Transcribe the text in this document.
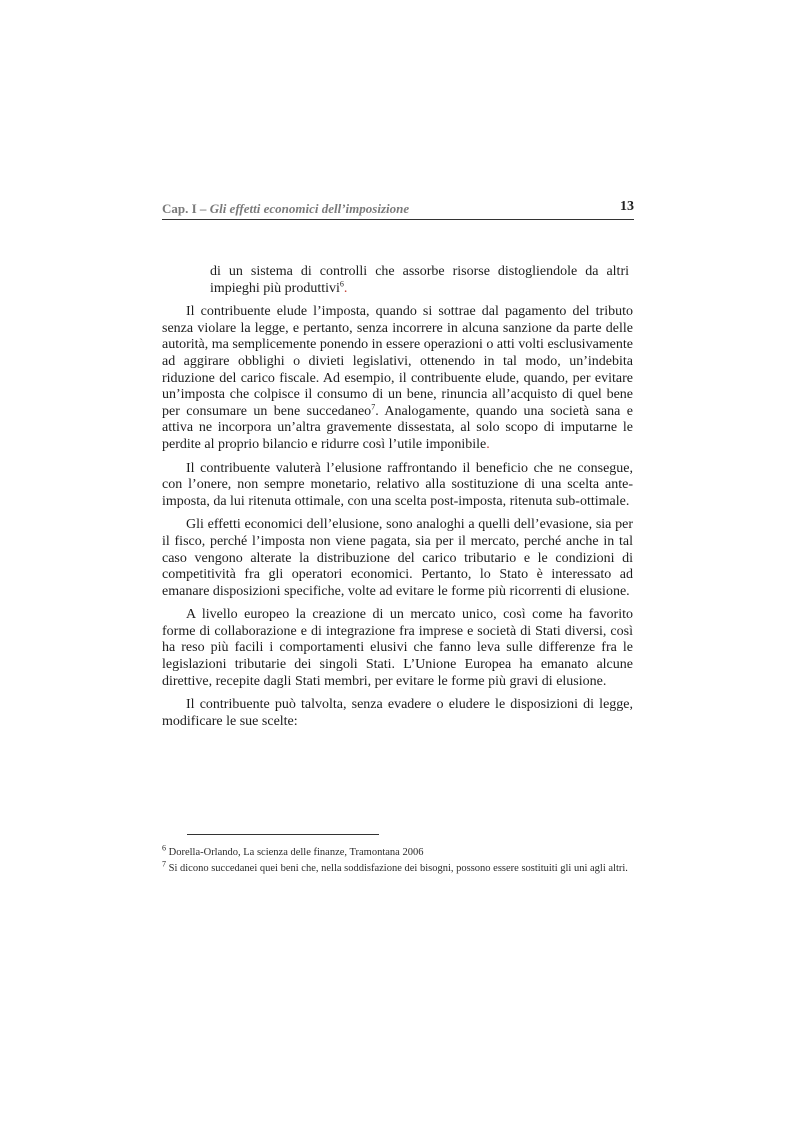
Cap. I – Gli effetti economici dell’imposizione	13

di un sistema di controlli che assorbe risorse distogliendole da altri impieghi più produttivi$^6$.

Il contribuente elude l’imposta, quando si sottrae dal pagamento del tributo senza violare la legge, e pertanto, senza incorrere in alcuna sanzione da parte delle autorità, ma semplicemente ponendo in essere operazioni o atti volti esclusivamente ad aggirare obblighi o divieti legislativi, ottenendo in tal modo, un’indebita riduzione del carico fiscale. Ad esempio, il contribuente elude, quando, per evitare un’imposta che colpisce il consumo di un bene, rinuncia all’acquisto di quel bene per consumare un bene succedaneo$^7$. Analogamente, quando una società sana e attiva ne incorpora un’altra gravemente dissestata, al solo scopo di imputarne le perdite al proprio bilancio e ridurre così l’utile imponibile.

Il contribuente valuterà l’elusione raffrontando il beneficio che ne consegue, con l’onere, non sempre monetario, relativo alla sostituzione di una scelta ante-imposta, da lui ritenuta ottimale, con una scelta post-imposta, ritenuta sub-ottimale.

Gli effetti economici dell’elusione, sono analoghi a quelli dell’evasione, sia per il fisco, perché l’imposta non viene pagata, sia per il mercato, perché anche in tal caso vengono alterate la distribuzione del carico tributario e le condizioni di competitività fra gli operatori economici. Pertanto, lo Stato è interessato ad emanare disposizioni specifiche, volte ad evitare le forme più ricorrenti di elusione.

A livello europeo la creazione di un mercato unico, così come ha favorito forme di collaborazione e di integrazione fra imprese e società di Stati diversi, così ha reso più facili i comportamenti elusivi che fanno leva sulle differenze fra le legislazioni tributarie dei singoli Stati. L’Unione Europea ha emanato alcune direttive, recepite dagli Stati membri, per evitare le forme più gravi di elusione.

Il contribuente può talvolta, senza evadere o eludere le disposizioni di legge, modificare le sue scelte:

$^6$ Dorella-Orlando, La scienza delle finanze, Tramontana 2006
$^7$ Si dicono succedanei quei beni che, nella soddisfazione dei bisogni, possono essere sostituiti gli uni agli altri.
